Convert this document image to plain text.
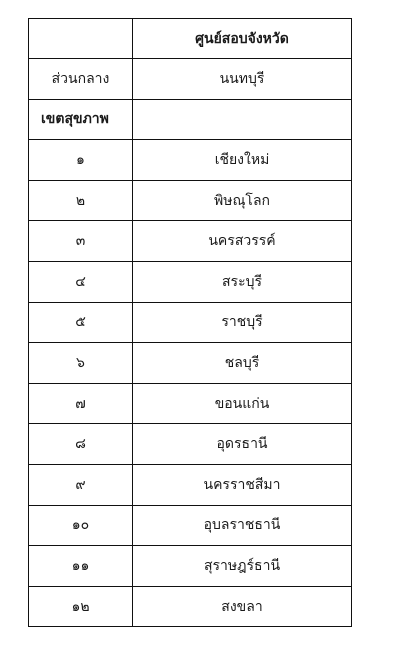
	ศูนย์สอบจังหวัด
ส่วนกลาง	นนทบุรี
เขตสุขภาพ	
๑	เชียงใหม่
๒	พิษณุโลก
๓	นครสวรรค์
๔	สระบุรี
๕	ราชบุรี
๖	ชลบุรี
๗	ขอนแก่น
๘	อุดรธานี
๙	นครราชสีมา
๑๐	อุบลราชธานี
๑๑	สุราษฎร์ธานี
๑๒	สงขลา
